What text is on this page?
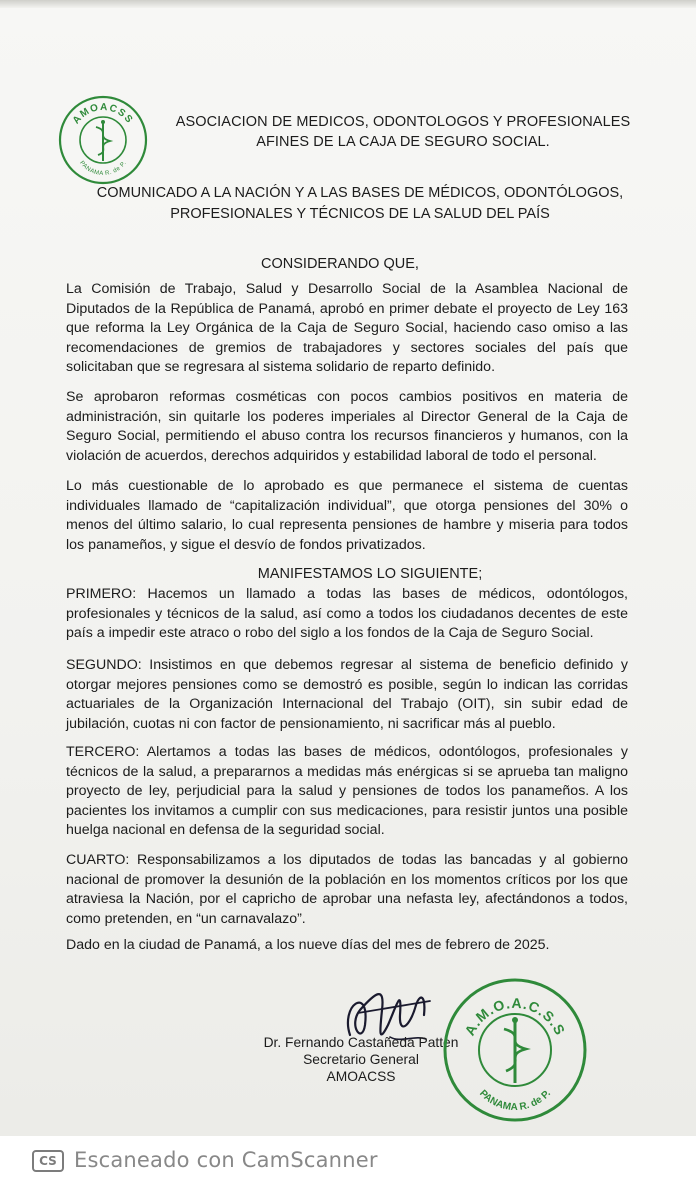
AMOACSS
PANAMA R. de P.
ASOCIACION DE MEDICOS, ODONTOLOGOS Y PROFESIONALES
AFINES DE LA CAJA DE SEGURO SOCIAL.
COMUNICADO A LA NACIÓN Y A LAS BASES DE MÉDICOS, ODONTÓLOGOS,
PROFESIONALES Y TÉCNICOS DE LA SALUD DEL PAÍS
CONSIDERANDO QUE,

La Comisión de Trabajo, Salud y Desarrollo Social de la Asamblea Nacional de Diputados de la República de Panamá, aprobó en primer debate el proyecto de Ley 163 que reforma la Ley Orgánica de la Caja de Seguro Social, haciendo caso omiso a las recomendaciones de gremios de trabajadores y sectores sociales del país que solicitaban que se regresara al sistema solidario de reparto definido.

Se aprobaron reformas cosméticas con pocos cambios positivos en materia de administración, sin quitarle los poderes imperiales al Director General de la Caja de Seguro Social, permitiendo el abuso contra los recursos financieros y humanos, con la violación de acuerdos, derechos adquiridos y estabilidad laboral de todo el personal.

Lo más cuestionable de lo aprobado es que permanece el sistema de cuentas individuales llamado de “capitalización individual”, que otorga pensiones del 30% o menos del último salario, lo cual representa pensiones de hambre y miseria para todos los panameños, y sigue el desvío de fondos privatizados.

MANIFESTAMOS LO SIGUIENTE;

PRIMERO: Hacemos un llamado a todas las bases de médicos, odontólogos, profesionales y técnicos de la salud, así como a todos los ciudadanos decentes de este país a impedir este atraco o robo del siglo a los fondos de la Caja de Seguro Social.

SEGUNDO: Insistimos en que debemos regresar al sistema de beneficio definido y otorgar mejores pensiones como se demostró es posible, según lo indican las corridas actuariales de la Organización Internacional del Trabajo (OIT), sin subir edad de jubilación, cuotas ni con factor de pensionamiento, ni sacrificar más al pueblo.

TERCERO: Alertamos a todas las bases de médicos, odontólogos, profesionales y técnicos de la salud, a prepararnos a medidas más enérgicas si se aprueba tan maligno proyecto de ley, perjudicial para la salud y pensiones de todos los panameños. A los pacientes los invitamos a cumplir con sus medicaciones, para resistir juntos una posible huelga nacional en defensa de la seguridad social.

CUARTO: Responsabilizamos a los diputados de todas las bancadas y al gobierno nacional de promover la desunión de la población en los momentos críticos por los que atraviesa la Nación, por el capricho de aprobar una nefasta ley, afectándonos a todos, como pretenden, en “un carnavalazo”.

Dado en la ciudad de Panamá, a los nueve días del mes de febrero de 2025.
Dr. Fernando Castañeda Patten
Secretario General
AMOACSS
A.M.O.A.C.S.S
PANAMA R. de P.
CS Escaneado con CamScanner
